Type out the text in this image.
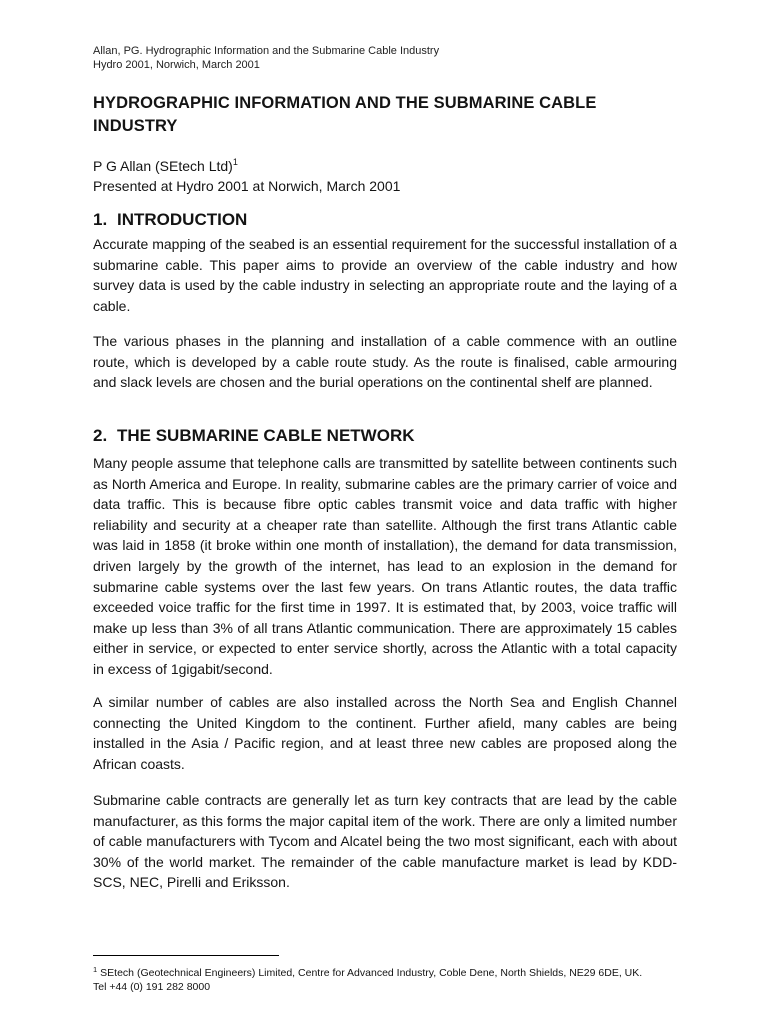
Allan, PG. Hydrographic Information and the Submarine Cable Industry
Hydro 2001, Norwich, March 2001
HYDROGRAPHIC INFORMATION AND THE SUBMARINE CABLE INDUSTRY
P G Allan (SEtech Ltd)$^1$
Presented at Hydro 2001 at Norwich, March 2001
1. INTRODUCTION
Accurate mapping of the seabed is an essential requirement for the successful installation of a submarine cable. This paper aims to provide an overview of the cable industry and how survey data is used by the cable industry in selecting an appropriate route and the laying of a cable.
The various phases in the planning and installation of a cable commence with an outline route, which is developed by a cable route study. As the route is finalised, cable armouring and slack levels are chosen and the burial operations on the continental shelf are planned.
2. THE SUBMARINE CABLE NETWORK
Many people assume that telephone calls are transmitted by satellite between continents such as North America and Europe. In reality, submarine cables are the primary carrier of voice and data traffic. This is because fibre optic cables transmit voice and data traffic with higher reliability and security at a cheaper rate than satellite. Although the first trans Atlantic cable was laid in 1858 (it broke within one month of installation), the demand for data transmission, driven largely by the growth of the internet, has lead to an explosion in the demand for submarine cable systems over the last few years. On trans Atlantic routes, the data traffic exceeded voice traffic for the first time in 1997. It is estimated that, by 2003, voice traffic will make up less than 3% of all trans Atlantic communication. There are approximately 15 cables either in service, or expected to enter service shortly, across the Atlantic with a total capacity in excess of 1gigabit/second.
A similar number of cables are also installed across the North Sea and English Channel connecting the United Kingdom to the continent. Further afield, many cables are being installed in the Asia / Pacific region, and at least three new cables are proposed along the African coasts.
Submarine cable contracts are generally let as turn key contracts that are lead by the cable manufacturer, as this forms the major capital item of the work. There are only a limited number of cable manufacturers with Tycom and Alcatel being the two most significant, each with about 30% of the world market. The remainder of the cable manufacture market is lead by KDD-SCS, NEC, Pirelli and Eriksson.
$^1$ SEtech (Geotechnical Engineers) Limited, Centre for Advanced Industry, Coble Dene, North Shields, NE29 6DE, UK.
Tel +44 (0) 191 282 8000
